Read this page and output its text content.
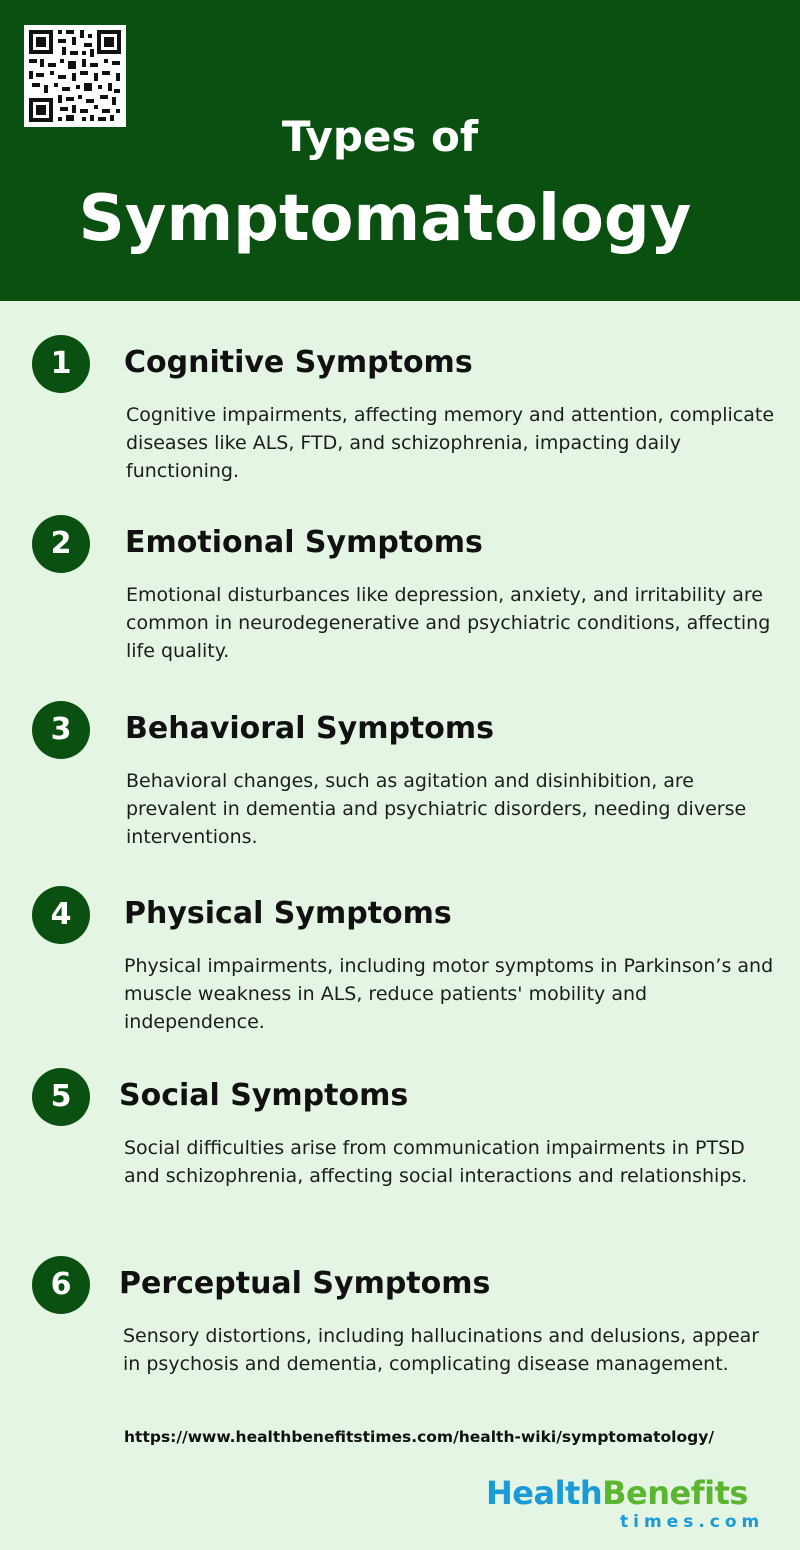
Types of
Symptomatology
1	Cognitive Symptoms
Cognitive impairments, affecting memory and attention, complicate diseases like ALS, FTD, and schizophrenia, impacting daily functioning.
2	Emotional Symptoms
Emotional disturbances like depression, anxiety, and irritability are common in neurodegenerative and psychiatric conditions, affecting life quality.
3	Behavioral Symptoms
Behavioral changes, such as agitation and disinhibition, are prevalent in dementia and psychiatric disorders, needing diverse interventions.
4	Physical Symptoms
Physical impairments, including motor symptoms in Parkinson’s and muscle weakness in ALS, reduce patients' mobility and independence.
5	Social Symptoms
Social difficulties arise from communication impairments in PTSD and schizophrenia, affecting social interactions and relationships.
6	Perceptual Symptoms
Sensory distortions, including hallucinations and delusions, appear in psychosis and dementia, complicating disease management.
https://www.healthbenefitstimes.com/health-wiki/symptomatology/
HealthBenefits
times.com
